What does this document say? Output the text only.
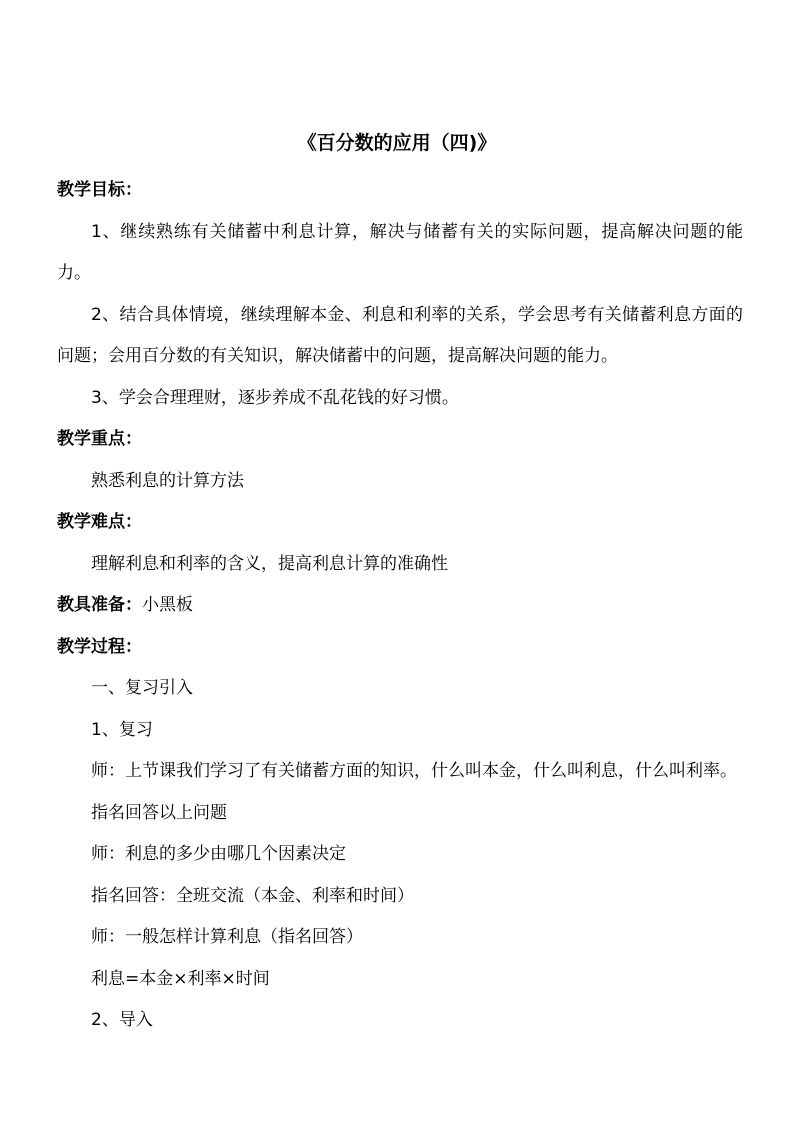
《百分数的应用（四)》

教学目标：

1、继续熟练有关储蓄中利息计算，解决与储蓄有关的实际问题，提高解决问题的能力。

2、结合具体情境，继续理解本金、利息和利率的关系，学会思考有关储蓄利息方面的问题；会用百分数的有关知识，解决储蓄中的问题，提高解决问题的能力。

3、学会合理理财，逐步养成不乱花钱的好习惯。

教学重点：

熟悉利息的计算方法

教学难点：

理解利息和利率的含义，提高利息计算的准确性

教具准备：小黑板

教学过程：

一、复习引入

1、复习

师：上节课我们学习了有关储蓄方面的知识，什么叫本金，什么叫利息，什么叫利率。

指名回答以上问题

师：利息的多少由哪几个因素决定

指名回答：全班交流（本金、利率和时间）

师：一般怎样计算利息（指名回答）

利息=本金×利率×时间

2、导入
